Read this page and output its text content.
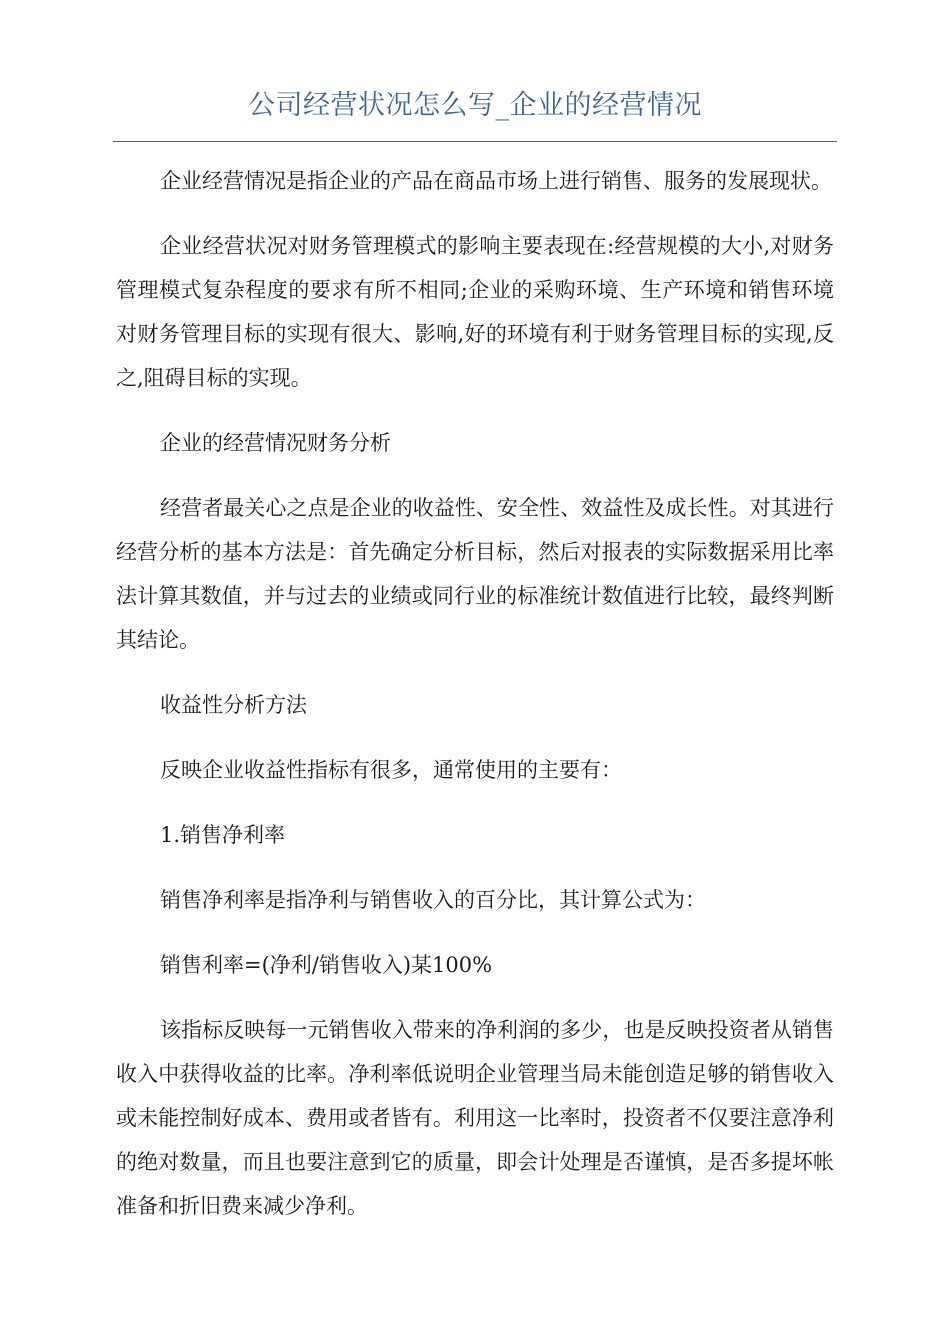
公司经营状况怎么写_企业的经营情况

企业经营情况是指企业的产品在商品市场上进行销售、服务的发展现状。

企业经营状况对财务管理模式的影响主要表现在:经营规模的大小,对财务管理模式复杂程度的要求有所不相同;企业的采购环境、生产环境和销售环境对财务管理目标的实现有很大、影响,好的环境有利于财务管理目标的实现,反之,阻碍目标的实现。

企业的经营情况财务分析

经营者最关心之点是企业的收益性、安全性、效益性及成长性。对其进行经营分析的基本方法是：首先确定分析目标，然后对报表的实际数据采用比率法计算其数值，并与过去的业绩或同行业的标准统计数值进行比较，最终判断其结论。

收益性分析方法

反映企业收益性指标有很多，通常使用的主要有：

1.销售净利率

销售净利率是指净利与销售收入的百分比，其计算公式为：

销售利率=(净利/销售收入)某100%

该指标反映每一元销售收入带来的净利润的多少，也是反映投资者从销售收入中获得收益的比率。净利率低说明企业管理当局未能创造足够的销售收入或未能控制好成本、费用或者皆有。利用这一比率时，投资者不仅要注意净利的绝对数量，而且也要注意到它的质量，即会计处理是否谨慎，是否多提坏帐准备和折旧费来减少净利。
